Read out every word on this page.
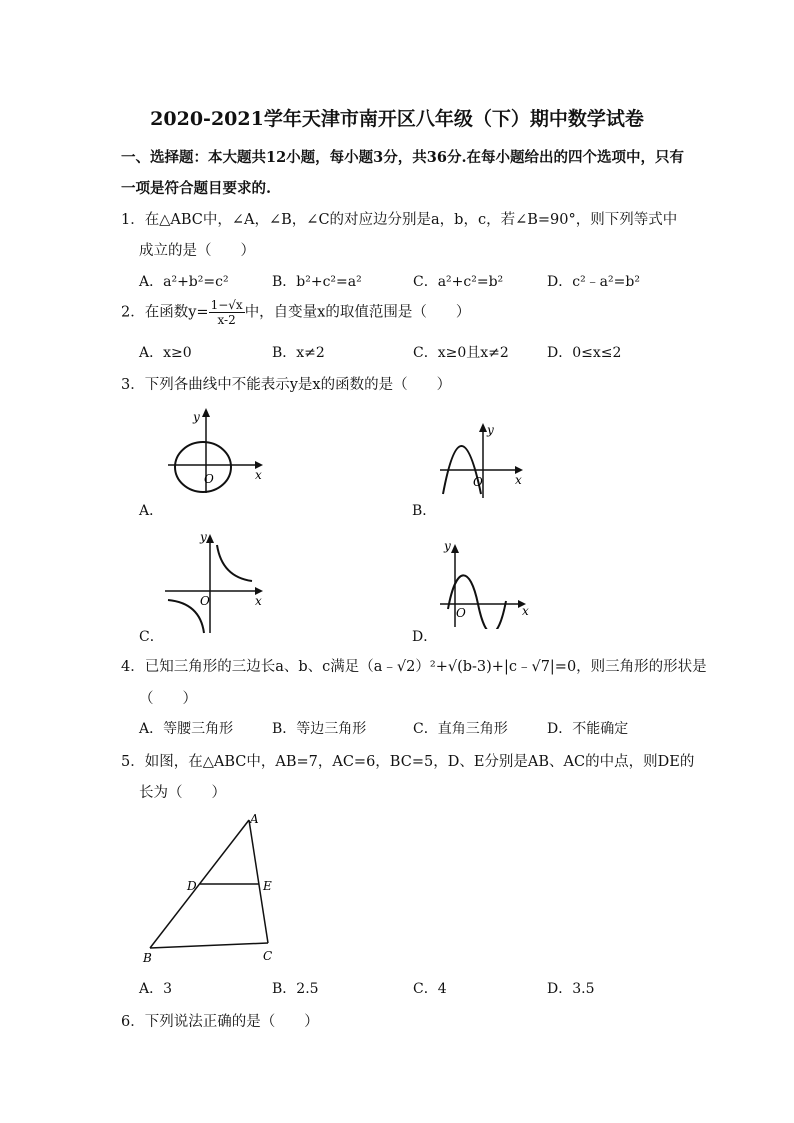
2020-2021学年天津市南开区八年级（下）期中数学试卷
一、选择题：本大题共12小题，每小题3分，共36分.在每小题给出的四个选项中，只有
一项是符合题目要求的.
1．在△ABC中，∠A，∠B，∠C的对应边分别是a，b，c，若∠B=90°，则下列等式中
成立的是（　　）
A．a²+b²=c²	B．b²+c²=a²	C．a²+c²=b²	D．c²﹣a²=b²
2．在函数$y= \frac{1-√x}{x-2}$ 中，自变量x的取值范围是（　　）
A．x≥0	B．x≠2	C．x≥0且x≠2	D．0≤x≤2
3．下列各曲线中不能表示y是x的函数的是（　　）
y
x
O
A．
y
x
O
B．
y
x
O
C．
y
x
O
D．
4．已知三角形的三边长a、b、c满足（a﹣√2）²+√(b-3)+|c﹣√7|=0，则三角形的形状是
（　　）
A．等腰三角形	B．等边三角形	C．直角三角形	D．不能确定
5．如图，在△ABC中，AB=7，AC=6，BC=5，D、E分别是AB、AC的中点，则DE的
长为（　　）
A
B	C
D	E
A．3	B．2.5	C．4	D．3.5
6．下列说法正确的是（　　）
